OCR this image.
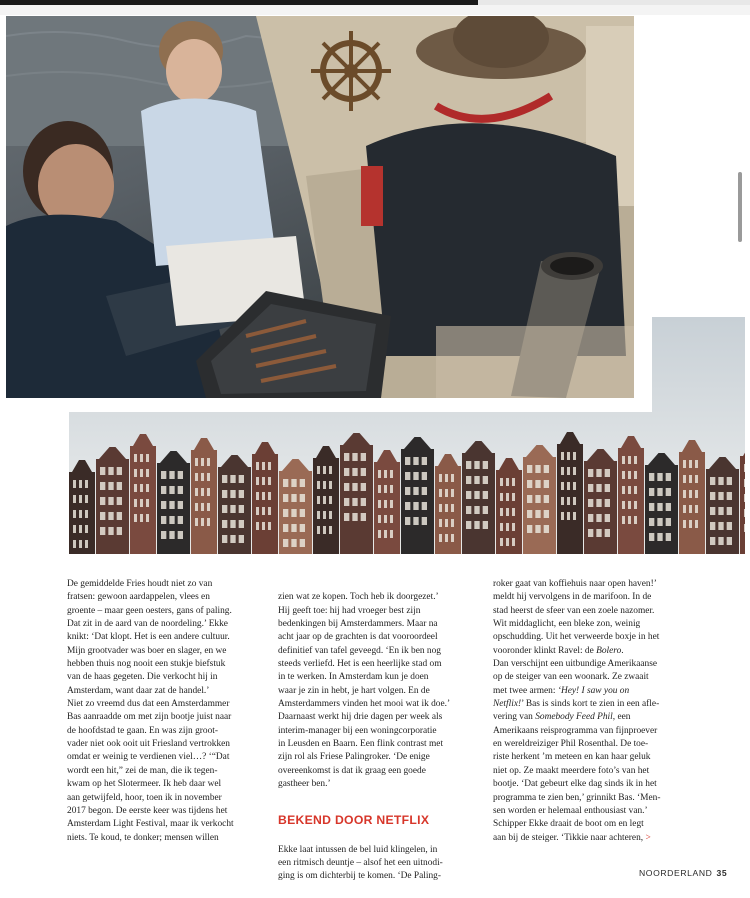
De gemiddelde Fries houdt niet zo van
fratsen: gewoon aardappelen, vlees en
groente – maar geen oesters, gans of paling.
Dat zit in de aard van de noordeling.’ Ekke
knikt: ‘Dat klopt. Het is een andere cultuur.
Mijn grootvader was boer en slager, en we
hebben thuis nog nooit een stukje biefstuk
van de haas gegeten. Die verkocht hij in
Amsterdam, want daar zat de handel.’
Niet zo vreemd dus dat een Amsterdammer
Bas aanraadde om met zijn bootje juist naar
de hoofdstad te gaan. En was zijn groot-
vader niet ook ooit uit Friesland vertrokken
omdat er weinig te verdienen viel…? ‘“Dat
wordt een hit,” zei de man, die ik tegen-
kwam op het Slotermeer. Ik heb daar wel
aan getwijfeld, hoor, toen ik in november
2017 begon. De eerste keer was tijdens het
Amsterdam Light Festival, maar ik verkocht
niets. Te koud, te donker; mensen willen

zien wat ze kopen. Toch heb ik doorgezet.’
Hij geeft toe: hij had vroeger best zijn
bedenkingen bij Amsterdammers. Maar na
acht jaar op de grachten is dat vooroordeel
definitief van tafel geveegd. ‘En ik ben nog
steeds verliefd. Het is een heerlijke stad om
in te werken. In Amsterdam kun je doen
waar je zin in hebt, je hart volgen. En de
Amsterdammers vinden het mooi wat ik doe.’
Daarnaast werkt hij drie dagen per week als
interim-manager bij een woningcorporatie
in Leusden en Baarn. Een flink contrast met
zijn rol als Friese Palingroker. ‘De enige
overeenkomst is dat ik graag een goede
gastheer ben.’

BEKEND DOOR NETFLIX

Ekke laat intussen de bel luid klingelen, in
een ritmisch deuntje – alsof het een uitnodi-
ging is om dichterbij te komen. ‘De Paling-

roker gaat van koffiehuis naar open haven!’
meldt hij vervolgens in de marifoon. In de
stad heerst de sfeer van een zoele nazomer.
Wit middaglicht, een bleke zon, weinig
opschudding. Uit het verweerde boxje in het
vooronder klinkt Ravel: de Bolero.
Dan verschijnt een uitbundige Amerikaanse
op de steiger van een woonark. Ze zwaait
met twee armen: ‘Hey! I saw you on
Netflix!’ Bas is sinds kort te zien in een afle-
vering van Somebody Feed Phil, een
Amerikaans reisprogramma van fijnproever
en wereldreiziger Phil Rosenthal. De toe-
riste herkent ’m meteen en kan haar geluk
niet op. Ze maakt meerdere foto’s van het
bootje. ‘Dat gebeurt elke dag sinds ik in het
programma te zien ben,’ grinnikt Bas. ‘Men-
sen worden er helemaal enthousiast van.’
Schipper Ekke draait de boot om en legt
aan bij de steiger. ‘Tikkie naar achteren, >
NOORDERLAND 35
